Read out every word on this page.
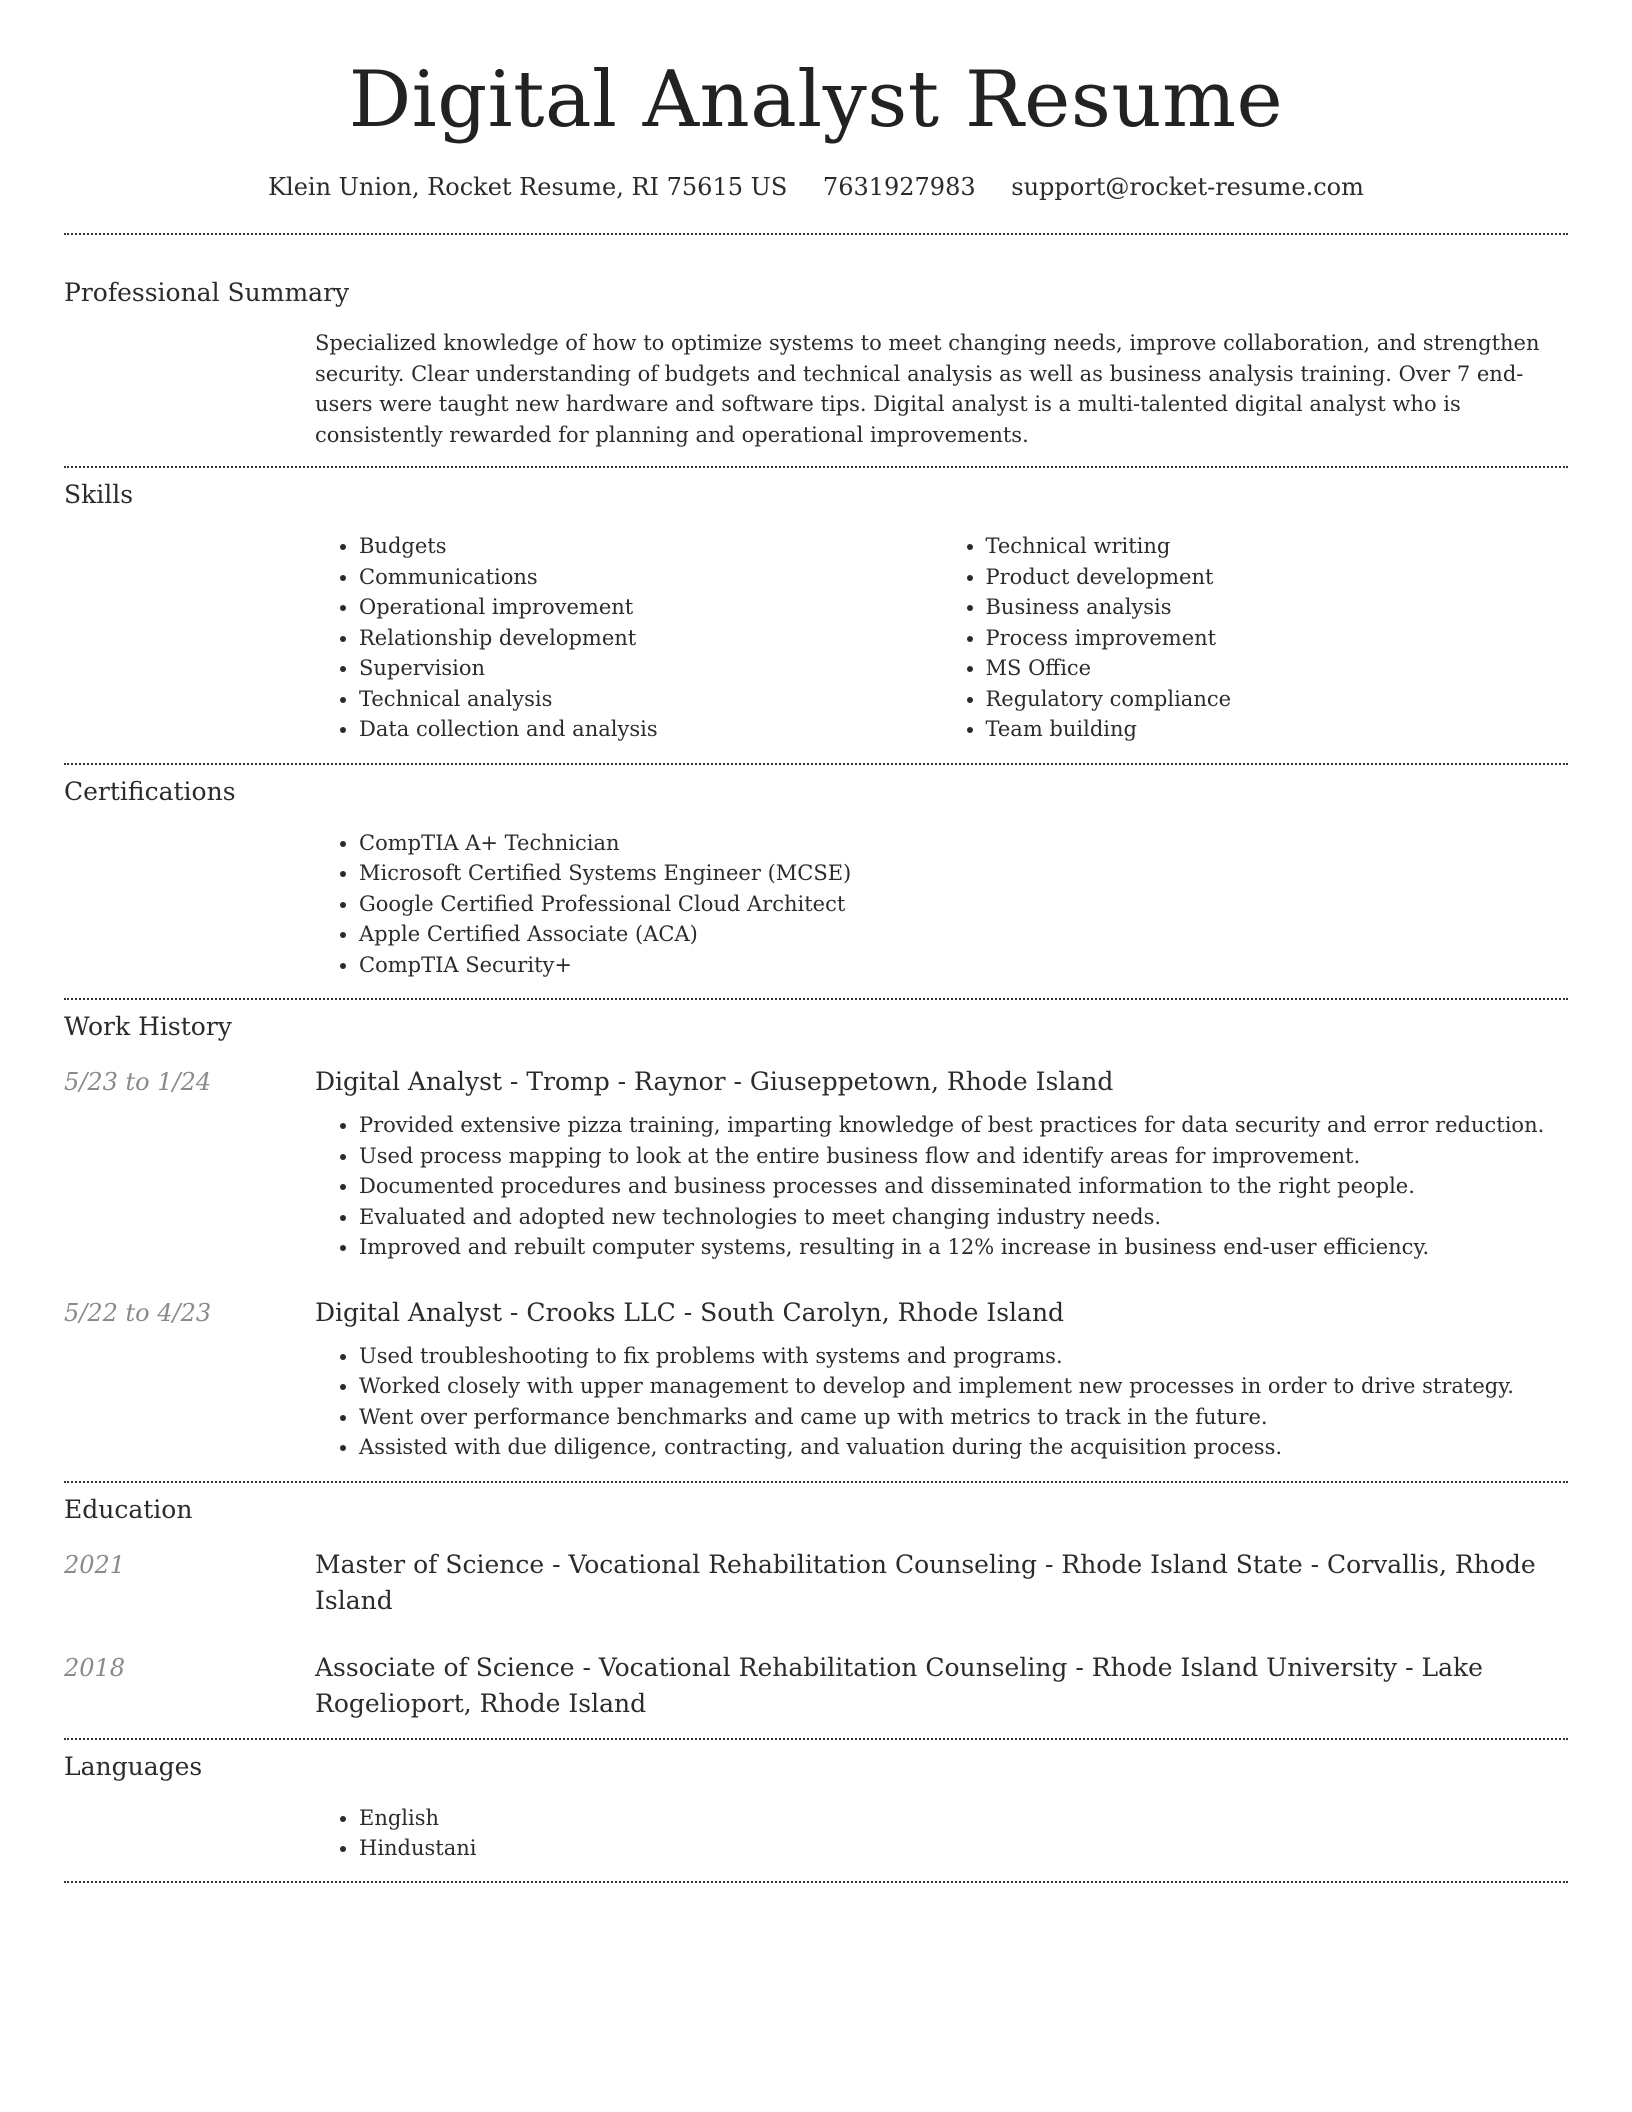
Digital Analyst Resume
Klein Union, Rocket Resume, RI 75615 US 7631927983 support@rocket-resume.com
Professional Summary

Specialized knowledge of how to optimize systems to meet changing needs, improve collaboration, and strengthen security. Clear understanding of budgets and technical analysis as well as business analysis training. Over 7 end-users were taught new hardware and software tips. Digital analyst is a multi-talented digital analyst who is consistently rewarded for planning and operational improvements.

Skills
• Budgets
• Communications
• Operational improvement
• Relationship development
• Supervision
• Technical analysis
• Data collection and analysis
• Technical writing
• Product development
• Business analysis
• Process improvement
• MS Office
• Regulatory compliance
• Team building
Certifications
• CompTIA A+ Technician
• Microsoft Certified Systems Engineer (MCSE)
• Google Certified Professional Cloud Architect
• Apple Certified Associate (ACA)
• CompTIA Security+
Work History
5/23 to 1/24	Digital Analyst - Tromp - Raynor - Giuseppetown, Rhode Island
• Provided extensive pizza training, imparting knowledge of best practices for data security and error reduction.
• Used process mapping to look at the entire business flow and identify areas for improvement.
• Documented procedures and business processes and disseminated information to the right people.
• Evaluated and adopted new technologies to meet changing industry needs.
• Improved and rebuilt computer systems, resulting in a 12% increase in business end-user efficiency.
5/22 to 4/23	Digital Analyst - Crooks LLC - South Carolyn, Rhode Island
• Used troubleshooting to fix problems with systems and programs.
• Worked closely with upper management to develop and implement new processes in order to drive strategy.
• Went over performance benchmarks and came up with metrics to track in the future.
• Assisted with due diligence, contracting, and valuation during the acquisition process.
Education
2021	Master of Science - Vocational Rehabilitation Counseling - Rhode Island State - Corvallis, Rhode Island
2018	Associate of Science - Vocational Rehabilitation Counseling - Rhode Island University - Lake Rogelioport, Rhode Island
Languages
• English
• Hindustani
